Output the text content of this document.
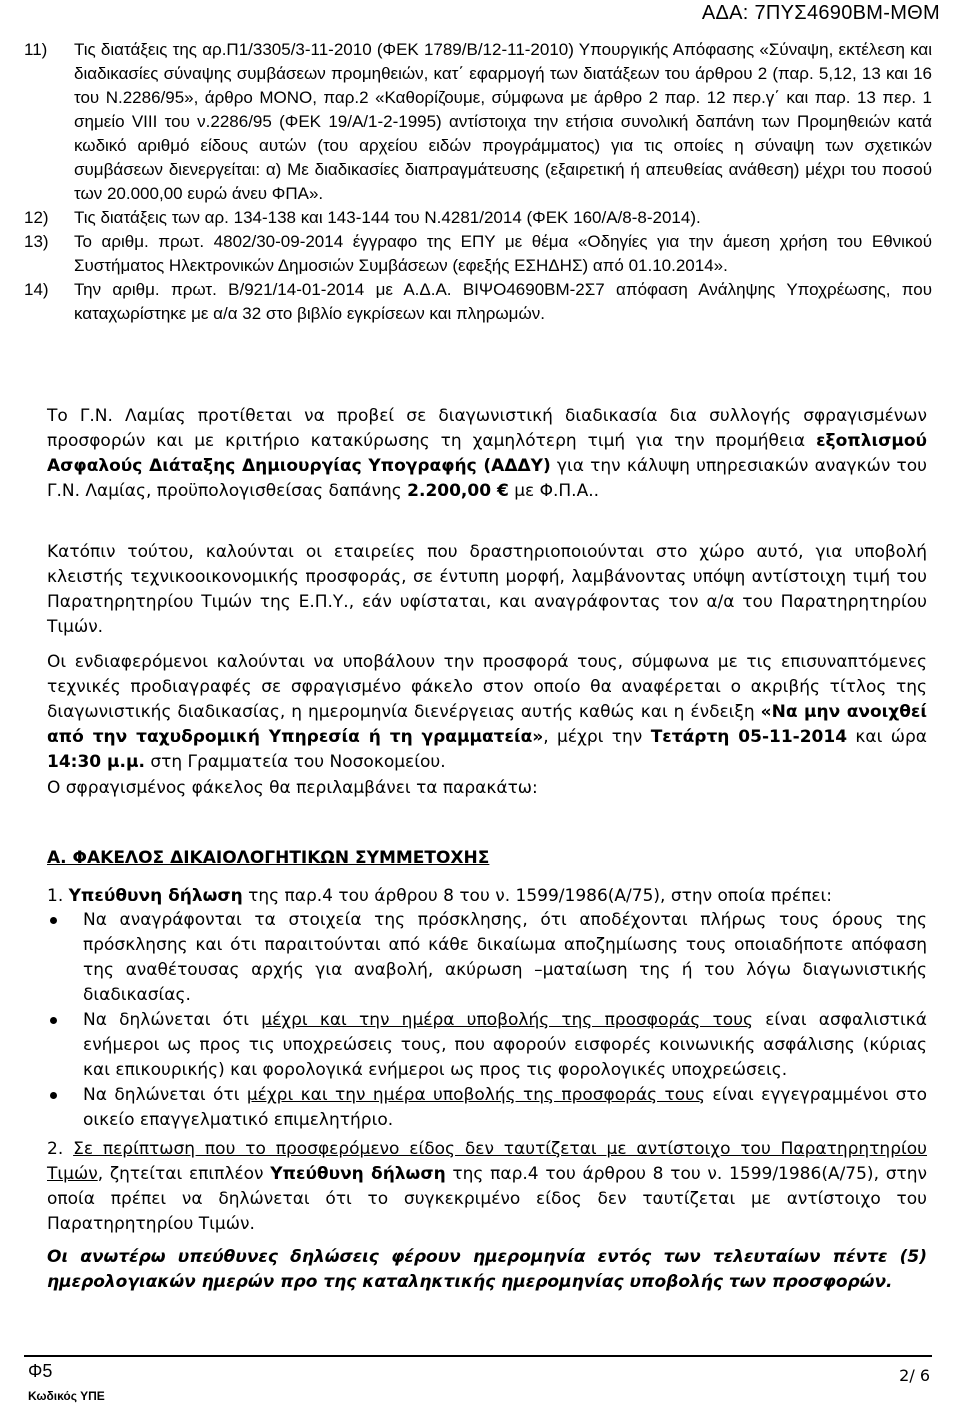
ΑΔΑ: 7ΠΥΣ4690ΒΜ-ΜΘΜ
11)	Τις διατάξεις της αρ.Π1/3305/3-11-2010 (ΦΕΚ 1789/Β/12-11-2010) Υπουργικής Απόφασης «Σύναψη, εκτέλεση και διαδικασίες σύναψης συμβάσεων προμηθειών, κατ΄ εφαρμογή των διατάξεων του άρθρου 2 (παρ. 5,12, 13 και 16 του Ν.2286/95», άρθρο ΜΟΝΟ, παρ.2 «Καθορίζουμε, σύμφωνα με άρθρο 2 παρ. 12 περ.γ΄ και παρ. 13 περ. 1 σημείο VIII του ν.2286/95 (ΦΕΚ 19/Α/1-2-1995) αντίστοιχα την ετήσια συνολική δαπάνη των Προμηθειών κατά κωδικό αριθμό είδους αυτών (του αρχείου ειδών προγράμματος) για τις οποίες η σύναψη των σχετικών συμβάσεων διενεργείται: α) Με διαδικασίες διαπραγμάτευσης (εξαιρετική ή απευθείας ανάθεση) μέχρι του ποσού των 20.000,00 ευρώ άνευ ΦΠΑ».
12)	Τις διατάξεις των αρ. 134-138 και 143-144 του Ν.4281/2014 (ΦΕΚ 160/Α/8-8-2014).
13)	Το αριθμ. πρωτ. 4802/30-09-2014 έγγραφο της ΕΠΥ με θέμα «Οδηγίες για την άμεση χρήση του Εθνικού Συστήματος Ηλεκτρονικών Δημοσιών Συμβάσεων (εφεξής ΕΣΗΔΗΣ) από 01.10.2014».
14)	Την αριθμ. πρωτ. Β/921/14-01-2014 με Α.Δ.Α. ΒΙΨΟ4690ΒΜ-2Σ7 απόφαση Ανάληψης Υποχρέωσης, που καταχωρίστηκε με α/α 32 στο βιβλίο εγκρίσεων και πληρωμών.

Το Γ.Ν. Λαμίας προτίθεται να προβεί σε διαγωνιστική διαδικασία δια συλλογής σφραγισμένων προσφορών και με κριτήριο κατακύρωσης τη χαμηλότερη τιμή για την προμήθεια εξοπλισμού Ασφαλούς Διάταξης Δημιουργίας Υπογραφής (ΑΔΔΥ) για την κάλυψη υπηρεσιακών αναγκών του Γ.Ν. Λαμίας, προϋπολογισθείσας δαπάνης 2.200,00 € με Φ.Π.Α..

Κατόπιν τούτου, καλούνται οι εταιρείες που δραστηριοποιούνται στο χώρο αυτό, για υποβολή κλειστής τεχνικοοικονομικής προσφοράς, σε έντυπη μορφή, λαμβάνοντας υπόψη αντίστοιχη τιμή του Παρατηρητηρίου Τιμών της Ε.Π.Υ., εάν υφίσταται, και αναγράφοντας τον α/α του Παρατηρητηρίου Τιμών.

Οι ενδιαφερόμενοι καλούνται να υποβάλουν την προσφορά τους, σύμφωνα με τις επισυναπτόμενες τεχνικές προδιαγραφές σε σφραγισμένο φάκελο στον οποίο θα αναφέρεται ο ακριβής τίτλος της διαγωνιστικής διαδικασίας, η ημερομηνία διενέργειας αυτής καθώς και η ένδειξη «Να μην ανοιχθεί από την ταχυδρομική Υπηρεσία ή τη γραμματεία», μέχρι την Τετάρτη 05-11-2014 και ώρα 14:30 μ.μ. στη Γραμματεία του Νοσοκομείου.

Ο σφραγισμένος φάκελος θα περιλαμβάνει τα παρακάτω:

Α. ΦΑΚΕΛΟΣ ΔΙΚΑΙΟΛΟΓΗΤΙΚΩΝ ΣΥΜΜΕΤΟΧΗΣ
1. Υπεύθυνη δήλωση της παρ.4 του άρθρου 8 του ν. 1599/1986(Α/75), στην οποία πρέπει:
Να αναγράφονται τα στοιχεία της πρόσκλησης, ότι αποδέχονται πλήρως τους όρους της πρόσκλησης και ότι παραιτούνται από κάθε δικαίωμα αποζημίωσης τους οποιαδήποτε απόφαση της αναθέτουσας αρχής για αναβολή, ακύρωση –ματαίωση της ή του λόγω διαγωνιστικής διαδικασίας.
Να δηλώνεται ότι μέχρι και την ημέρα υποβολής της προσφοράς τους είναι ασφαλιστικά ενήμεροι ως προς τις υποχρεώσεις τους, που αφορούν εισφορές κοινωνικής ασφάλισης (κύριας και επικουρικής) και φορολογικά ενήμεροι ως προς τις φορολογικές υποχρεώσεις.
Να δηλώνεται ότι μέχρι και την ημέρα υποβολής της προσφοράς τους είναι εγγεγραμμένοι στο οικείο επαγγελματικό επιμελητήριο.
2. Σε περίπτωση που το προσφερόμενο είδος δεν ταυτίζεται με αντίστοιχο του Παρατηρητηρίου Τιμών, ζητείται επιπλέον Υπεύθυνη δήλωση της παρ.4 του άρθρου 8 του ν. 1599/1986(Α/75), στην οποία πρέπει να δηλώνεται ότι το συγκεκριμένο είδος δεν ταυτίζεται με αντίστοιχο του Παρατηρητηρίου Τιμών.
Οι ανωτέρω υπεύθυνες δηλώσεις φέρουν ημερομηνία εντός των τελευταίων πέντε (5) ημερολογιακών ημερών προ της καταληκτικής ημερομηνίας υποβολής των προσφορών.
Φ5
Κωδικός ΥΠΕ
2/ 6
